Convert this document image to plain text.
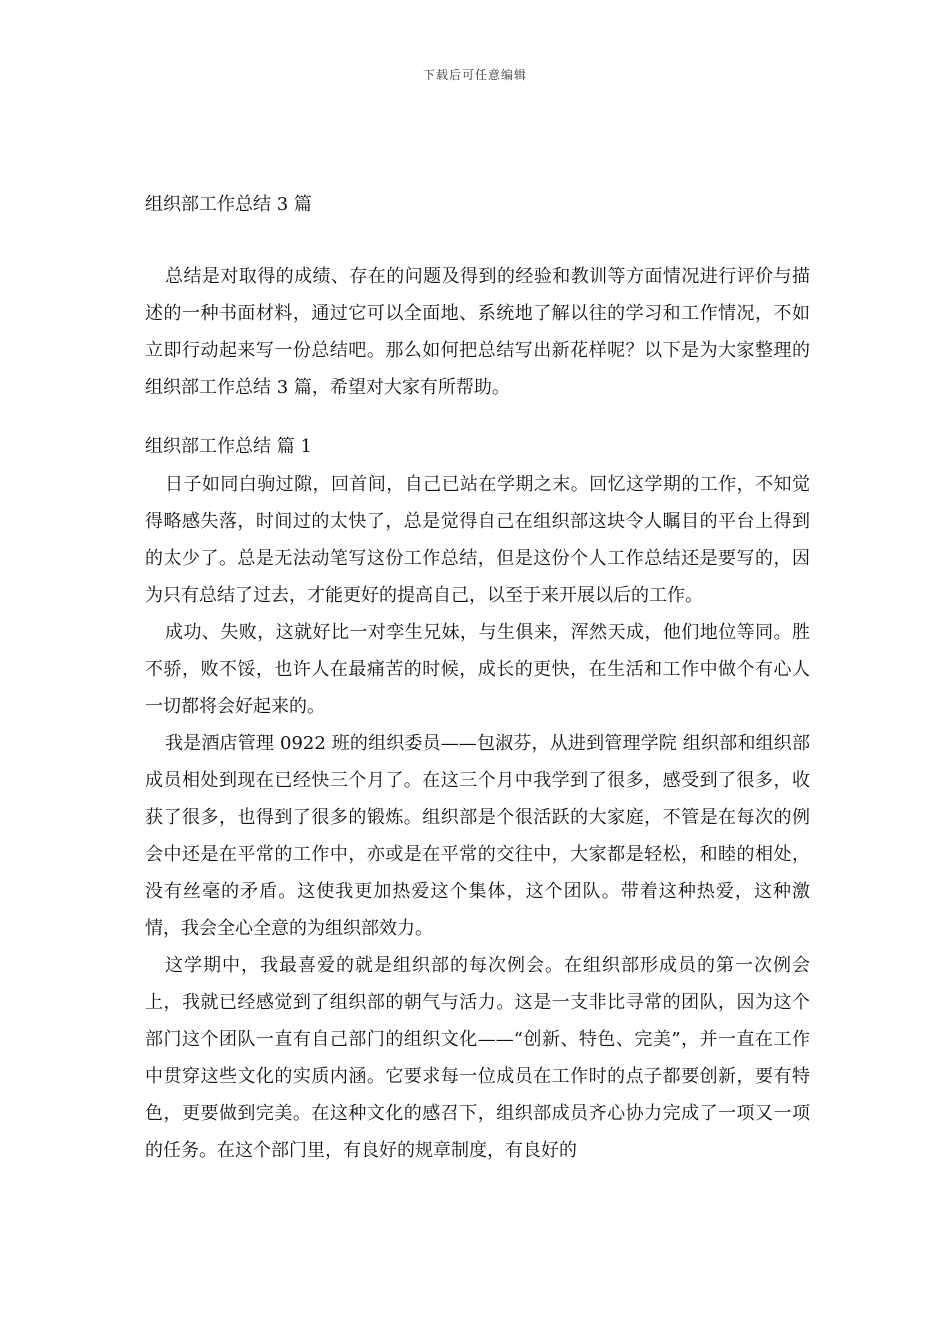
下载后可任意编辑
组织部工作总结 3 篇

总结是对取得的成绩、存在的问题及得到的经验和教训等方面情况进行评价与描述的一种书面材料，通过它可以全面地、系统地了解以往的学习和工作情况，不如立即行动起来写一份总结吧。那么如何把总结写出新花样呢？以下是为大家整理的组织部工作总结 3 篇，希望对大家有所帮助。

组织部工作总结 篇 1

日子如同白驹过隙，回首间，自己已站在学期之末。回忆这学期的工作，不知觉得略感失落，时间过的太快了，总是觉得自己在组织部这块令人瞩目的平台上得到的太少了。总是无法动笔写这份工作总结，但是这份个人工作总结还是要写的，因为只有总结了过去，才能更好的提高自己，以至于来开展以后的工作。

成功、失败，这就好比一对孪生兄妹，与生俱来，浑然天成，他们地位等同。胜不骄，败不馁，也许人在最痛苦的时候，成长的更快，在生活和工作中做个有心人一切都将会好起来的。

我是酒店管理 0922 班的组织委员——包淑芬，从进到管理学院 组织部和组织部成员相处到现在已经快三个月了。在这三个月中我学到了很多，感受到了很多，收获了很多，也得到了很多的锻炼。组织部是个很活跃的大家庭，不管是在每次的例会中还是在平常的工作中，亦或是在平常的交往中，大家都是轻松，和睦的相处，没有丝毫的矛盾。这使我更加热爱这个集体，这个团队。带着这种热爱，这种激情，我会全心全意的为组织部效力。

这学期中，我最喜爱的就是组织部的每次例会。在组织部形成员的第一次例会上，我就已经感觉到了组织部的朝气与活力。这是一支非比寻常的团队，因为这个部门这个团队一直有自己部门的组织文化——“创新、特色、完美”，并一直在工作中贯穿这些文化的实质内涵。它要求每一位成员在工作时的点子都要创新，要有特色，更要做到完美。在这种文化的感召下，组织部成员齐心协力完成了一项又一项的任务。在这个部门里，有良好的规章制度，有良好的
